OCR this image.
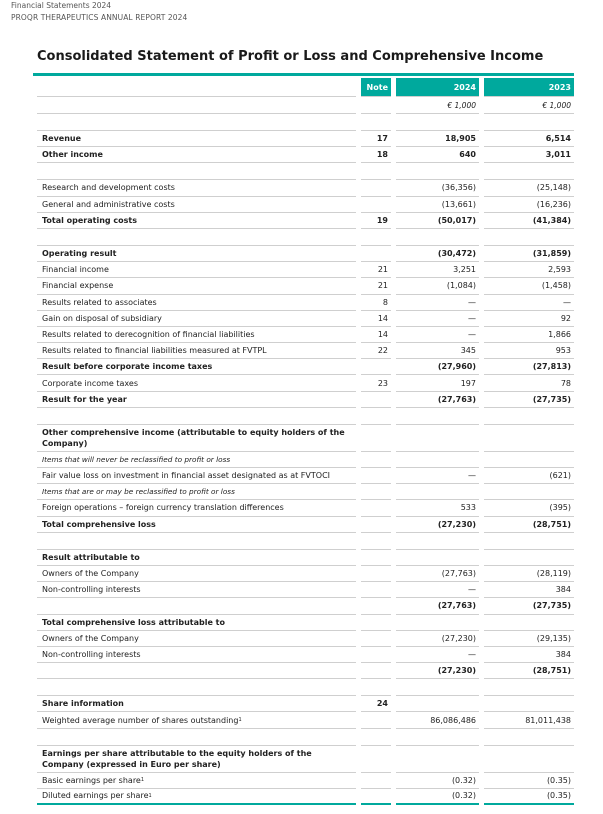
Financial Statements 2024
PROQR THERAPEUTICS ANNUAL REPORT 2024
Consolidated Statement of Profit or Loss and Comprehensive Income
Note	2024	2023
€ 1,000	€ 1,000
Revenue	17	18,905	6,514
Other income	18	640	3,011
Research and development costs	(36,356)	(25,148)
General and administrative costs	(13,661)	(16,236)
Total operating costs	19	(50,017)	(41,384)
Operating result	(30,472)	(31,859)
Financial income	21	3,251	2,593
Financial expense	21	(1,084)	(1,458)
Results related to associates	8	—	—
Gain on disposal of subsidiary	14	—	92
Results related to derecognition of financial liabilities	14	—	1,866
Results related to financial liabilities measured at FVTPL	22	345	953
Result before corporate income taxes	(27,960)	(27,813)
Corporate income taxes	23	197	78
Result for the year	(27,763)	(27,735)
Other comprehensive income (attributable to equity holders of the Company)
Items that will never be reclassified to profit or loss
Fair value loss on investment in financial asset designated as at FVTOCI	—	(621)
Items that are or may be reclassified to profit or loss
Foreign operations – foreign currency translation differences	533	(395)
Total comprehensive loss	(27,230)	(28,751)
Result attributable to
Owners of the Company	(27,763)	(28,119)
Non-controlling interests	—	384
(27,763)	(27,735)
Total comprehensive loss attributable to
Owners of the Company	(27,230)	(29,135)
Non-controlling interests	—	384
(27,230)	(28,751)
Share information	24
Weighted average number of shares outstanding 1	86,086,486	81,011,438
Earnings per share attributable to the equity holders of the Company (expressed in Euro per share)
Basic earnings per share 1	(0.32)	(0.35)
Diluted earnings per share 1	(0.32)	(0.35)
